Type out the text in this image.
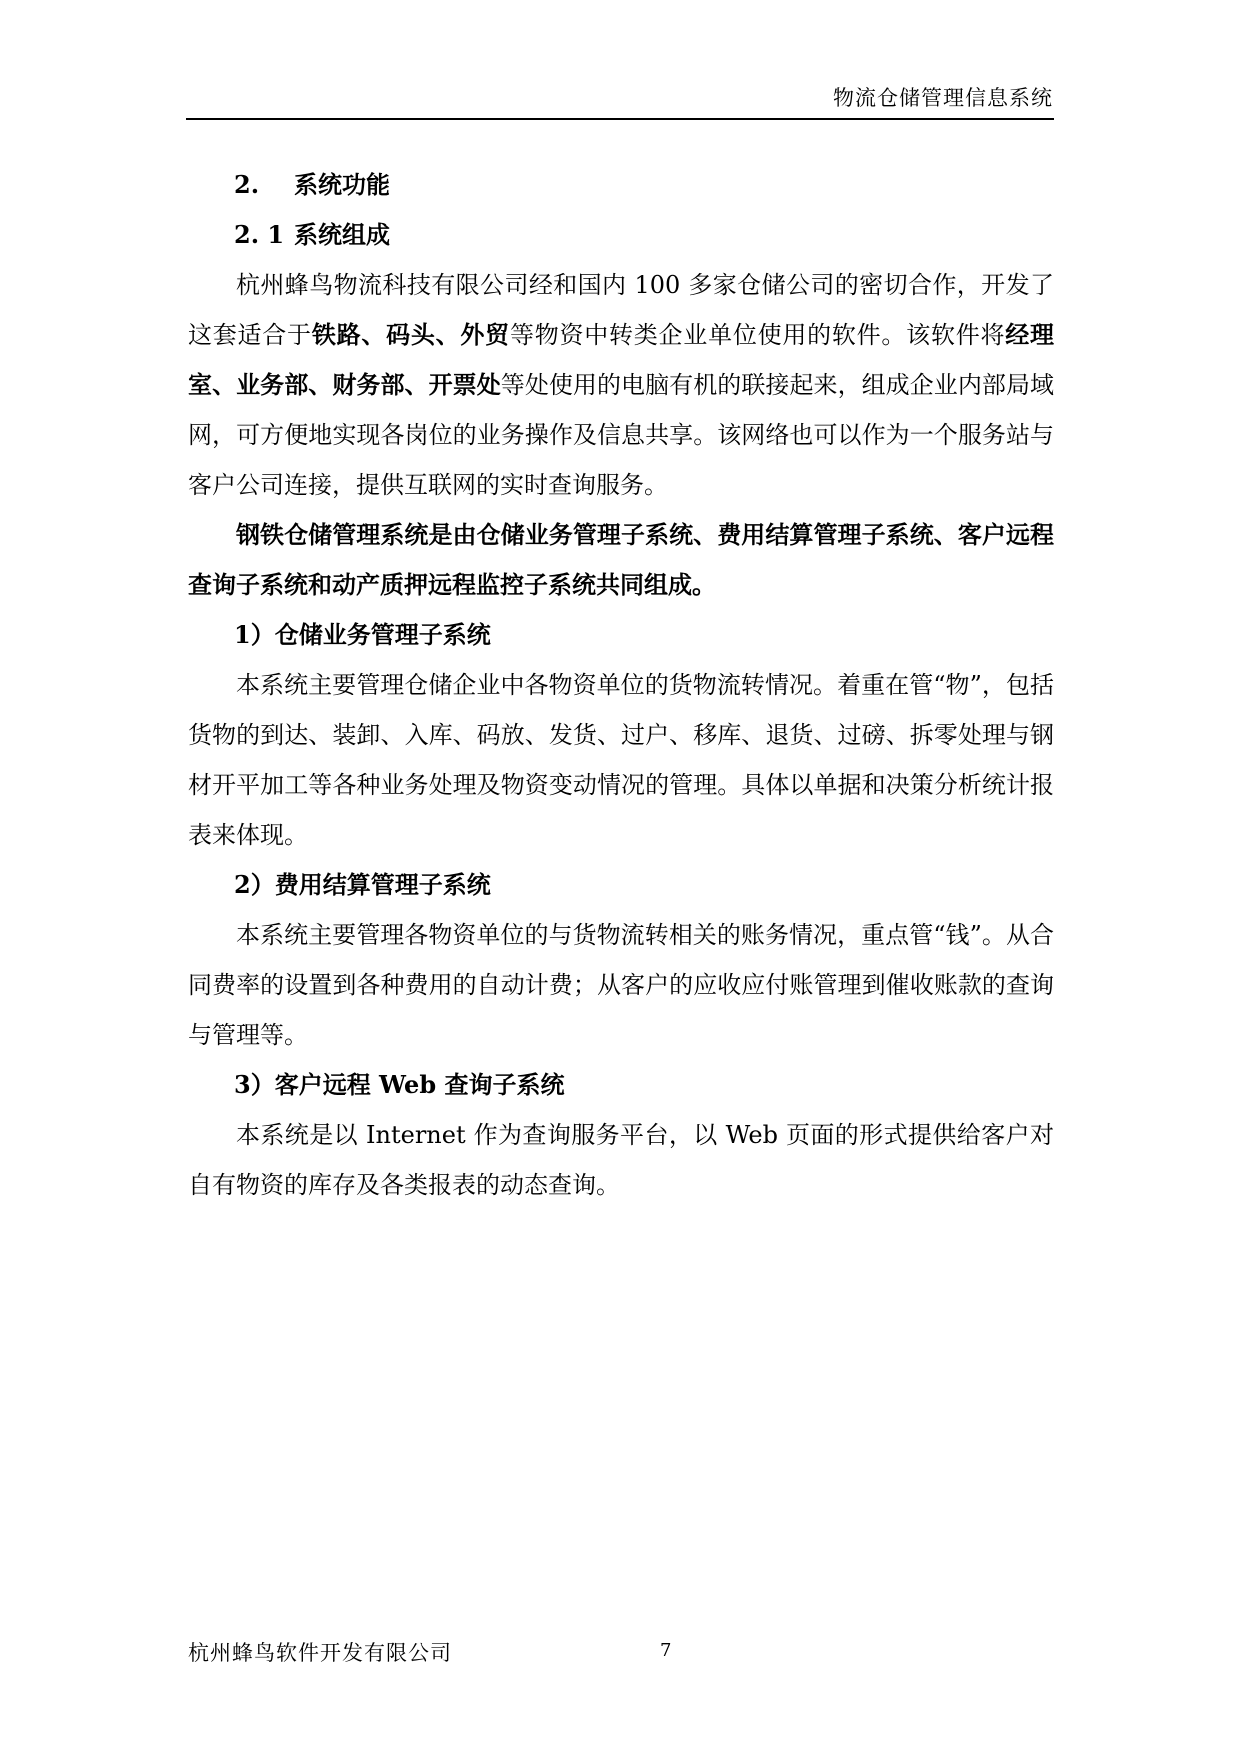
物流仓储管理信息系统

2. 系统功能

2. 1 系统组成

杭州蜂鸟物流科技有限公司经和国内 100 多家仓储公司的密切合作，开发了这套适合于铁路、码头、外贸等物资中转类企业单位使用的软件。该软件将经理室、业务部、财务部、开票处等处使用的电脑有机的联接起来，组成企业内部局域网，可方便地实现各岗位的业务操作及信息共享。该网络也可以作为一个服务站与客户公司连接，提供互联网的实时查询服务。

钢铁仓储管理系统是由仓储业务管理子系统、费用结算管理子系统、客户远程查询子系统和动产质押远程监控子系统共同组成。

1）仓储业务管理子系统

本系统主要管理仓储企业中各物资单位的货物流转情况。着重在管“物”，包括货物的到达、装卸、入库、码放、发货、过户、移库、退货、过磅、拆零处理与钢材开平加工等各种业务处理及物资变动情况的管理。具体以单据和决策分析统计报表来体现。

2）费用结算管理子系统

本系统主要管理各物资单位的与货物流转相关的账务情况，重点管“钱”。从合同费率的设置到各种费用的自动计费；从客户的应收应付账管理到催收账款的查询与管理等。

3）客户远程 Web 查询子系统

本系统是以 Internet 作为查询服务平台，以 Web 页面的形式提供给客户对自有物资的库存及各类报表的动态查询。

杭州蜂鸟软件开发有限公司	7
